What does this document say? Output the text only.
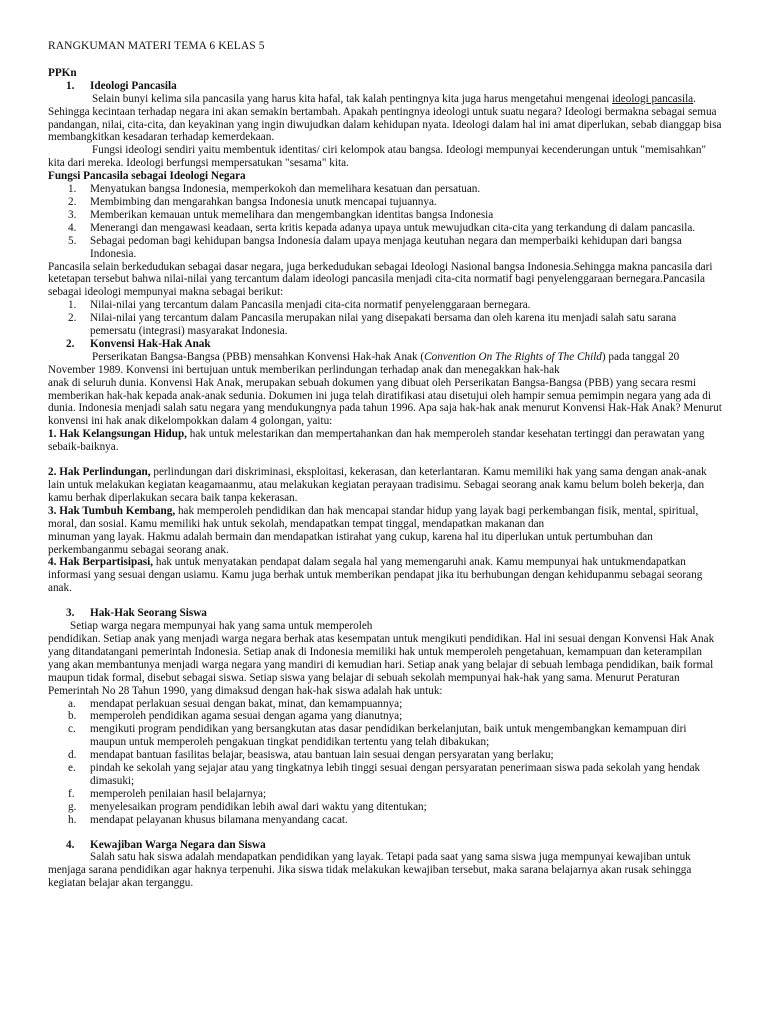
RANGKUMAN MATERI TEMA 6 KELAS 5

PPKn

1.	Ideologi Pancasila

Selain bunyi kelima sila pancasila yang harus kita hafal, tak kalah pentingnya kita juga harus mengetahui mengenai ideologi pancasila. Sehingga kecintaan terhadap negara ini akan semakin bertambah. Apakah pentingnya ideologi untuk suatu negara? Ideologi bermakna sebagai semua pandangan, nilai, cita-cita, dan keyakinan yang ingin diwujudkan dalam kehidupan nyata. Ideologi dalam hal ini amat diperlukan, sebab dianggap bisa membangkitkan kesadaran terhadap kemerdekaan.

Fungsi ideologi sendiri yaitu membentuk identitas/ ciri kelompok atau bangsa. Ideologi mempunyai kecenderungan untuk "memisahkan" kita dari mereka. Ideologi berfungsi mempersatukan "sesama" kita.

Fungsi Pancasila sebagai Ideologi Negara

1.	Menyatukan bangsa Indonesia, memperkokoh dan memelihara kesatuan dan persatuan.
2.	Membimbing dan mengarahkan bangsa Indonesia unutk mencapai tujuannya.
3.	Memberikan kemauan untuk memelihara dan mengembangkan identitas bangsa Indonesia
4.	Menerangi dan mengawasi keadaan, serta kritis kepada adanya upaya untuk mewujudkan cita-cita yang terkandung di dalam pancasila.
5.	Sebagai pedoman bagi kehidupan bangsa Indonesia dalam upaya menjaga keutuhan negara dan memperbaiki kehidupan dari bangsa Indonesia.

Pancasila selain berkedudukan sebagai dasar negara, juga berkedudukan sebagai Ideologi Nasional bangsa Indonesia.Sehingga makna pancasila dari ketetapan tersebut bahwa nilai-nilai yang tercantum dalam ideologi pancasila menjadi cita-cita normatif bagi penyelenggaraan bernegara.Pancasila sebagai ideologi mempunyai makna sebagai berikut:

1.	Nilai-nilai yang tercantum dalam Pancasila menjadi cita-cita normatif penyelenggaraan bernegara.
2.	Nilai-nilai yang tercantum dalam Pancasila merupakan nilai yang disepakati bersama dan oleh karena itu menjadi salah satu sarana pemersatu (integrasi) masyarakat Indonesia.
2.	Konvensi Hak-Hak Anak

Perserikatan Bangsa-Bangsa (PBB) mensahkan Konvensi Hak-hak Anak (Convention On The Rights of The Child) pada tanggal 20 November 1989. Konvensi ini bertujuan untuk memberikan perlindungan terhadap anak dan menegakkan hak-hak

anak di seluruh dunia. Konvensi Hak Anak, merupakan sebuah dokumen yang dibuat oleh Perserikatan Bangsa-Bangsa (PBB) yang secara resmi memberikan hak-hak kepada anak-anak sedunia. Dokumen ini juga telah diratifikasi atau disetujui oleh hampir semua pemimpin negara yang ada di dunia. Indonesia menjadi salah satu negara yang mendukungnya pada tahun 1996. Apa saja hak-hak anak menurut Konvensi Hak-Hak Anak? Menurut konvensi ini hak anak dikelompokkan dalam 4 golongan, yaitu:

1. Hak Kelangsungan Hidup, hak untuk melestarikan dan mempertahankan dan hak memperoleh standar kesehatan tertinggi dan perawatan yang sebaik-baiknya.

2. Hak Perlindungan, perlindungan dari diskriminasi, eksploitasi, kekerasan, dan keterlantaran. Kamu memiliki hak yang sama dengan anak-anak lain untuk melakukan kegiatan keagamaanmu, atau melakukan kegiatan perayaan tradisimu. Sebagai seorang anak kamu belum boleh bekerja, dan kamu berhak diperlakukan secara baik tanpa kekerasan.

3. Hak Tumbuh Kembang, hak memperoleh pendidikan dan hak mencapai standar hidup yang layak bagi perkembangan fisik, mental, spiritual, moral, dan sosial. Kamu memiliki hak untuk sekolah, mendapatkan tempat tinggal, mendapatkan makanan dan

minuman yang layak. Hakmu adalah bermain dan mendapatkan istirahat yang cukup, karena hal itu diperlukan untuk pertumbuhan dan perkembanganmu sebagai seorang anak.

4. Hak Berpartisipasi, hak untuk menyatakan pendapat dalam segala hal yang memengaruhi anak. Kamu mempunyai hak untukmendapatkan informasi yang sesuai dengan usiamu. Kamu juga berhak untuk memberikan pendapat jika itu berhubungan dengan kehidupanmu sebagai seorang anak.

3.	Hak-Hak Seorang Siswa

Setiap warga negara mempunyai hak yang sama untuk memperoleh

pendidikan. Setiap anak yang menjadi warga negara berhak atas kesempatan untuk mengikuti pendidikan. Hal ini sesuai dengan Konvensi Hak Anak yang ditandatangani pemerintah Indonesia. Setiap anak di Indonesia memiliki hak untuk memperoleh pengetahuan, kemampuan dan keterampilan yang akan membantunya menjadi warga negara yang mandiri di kemudian hari. Setiap anak yang belajar di sebuah lembaga pendidikan, baik formal maupun tidak formal, disebut sebagai siswa. Setiap siswa yang belajar di sebuah sekolah mempunyai hak-hak yang sama. Menurut Peraturan Pemerintah No 28 Tahun 1990, yang dimaksud dengan hak-hak siswa adalah hak untuk:

a.	mendapat perlakuan sesuai dengan bakat, minat, dan kemampuannya;
b.	memperoleh pendidikan agama sesuai dengan agama yang dianutnya;
c.	mengikuti program pendidikan yang bersangkutan atas dasar pendidikan berkelanjutan, baik untuk mengembangkan kemampuan diri maupun untuk memperoleh pengakuan tingkat pendidikan tertentu yang telah dibakukan;
d.	mendapat bantuan fasilitas belajar, beasiswa, atau bantuan lain sesuai dengan persyaratan yang berlaku;
e.	pindah ke sekolah yang sejajar atau yang tingkatnya lebih tinggi sesuai dengan persyaratan penerimaan siswa pada sekolah yang hendak dimasuki;
f.	memperoleh penilaian hasil belajarnya;
g.	menyelesaikan program pendidikan lebih awal dari waktu yang ditentukan;
h.	mendapat pelayanan khusus bilamana menyandang cacat.
4.	Kewajiban Warga Negara dan Siswa

Salah satu hak siswa adalah mendapatkan pendidikan yang layak. Tetapi pada saat yang sama siswa juga mempunyai kewajiban untuk menjaga sarana pendidikan agar haknya terpenuhi. Jika siswa tidak melakukan kewajiban tersebut, maka sarana belajarnya akan rusak sehingga kegiatan belajar akan terganggu.
